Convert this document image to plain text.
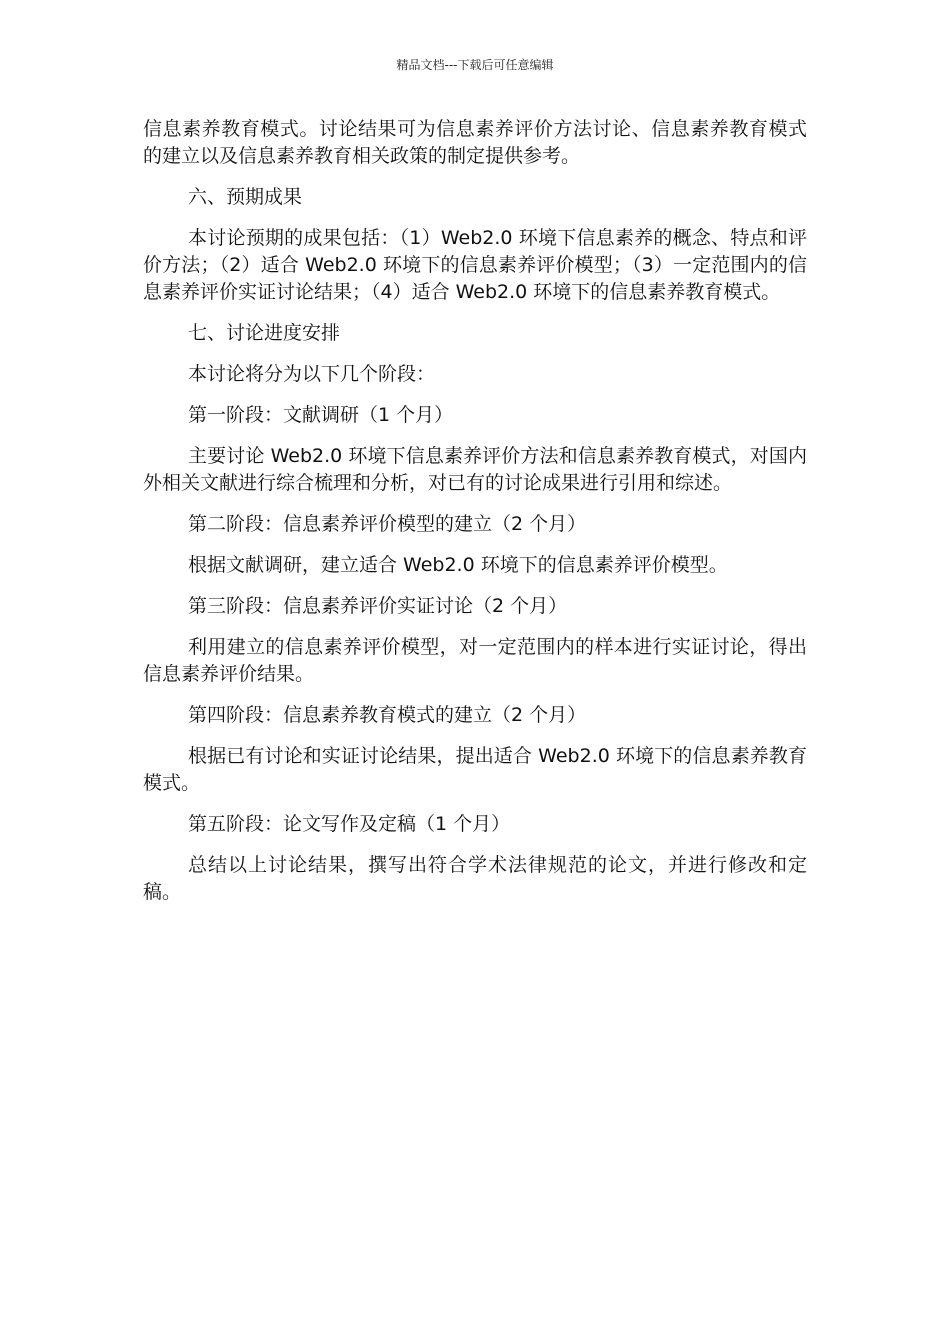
精品文档---下载后可任意编辑

信息素养教育模式。讨论结果可为信息素养评价方法讨论、信息素养教育模式的建立以及信息素养教育相关政策的制定提供参考。

六、预期成果

本讨论预期的成果包括：（1）Web2.0 环境下信息素养的概念、特点和评价方法；（2）适合 Web2.0 环境下的信息素养评价模型；（3）一定范围内的信息素养评价实证讨论结果；（4）适合 Web2.0 环境下的信息素养教育模式。

七、讨论进度安排

本讨论将分为以下几个阶段：

第一阶段：文献调研（1 个月）

主要讨论 Web2.0 环境下信息素养评价方法和信息素养教育模式，对国内外相关文献进行综合梳理和分析，对已有的讨论成果进行引用和综述。

第二阶段：信息素养评价模型的建立（2 个月）

根据文献调研，建立适合 Web2.0 环境下的信息素养评价模型。

第三阶段：信息素养评价实证讨论（2 个月）

利用建立的信息素养评价模型，对一定范围内的样本进行实证讨论，得出信息素养评价结果。

第四阶段：信息素养教育模式的建立（2 个月）

根据已有讨论和实证讨论结果，提出适合 Web2.0 环境下的信息素养教育模式。

第五阶段：论文写作及定稿（1 个月）

总结以上讨论结果，撰写出符合学术法律规范的论文，并进行修改和定稿。
